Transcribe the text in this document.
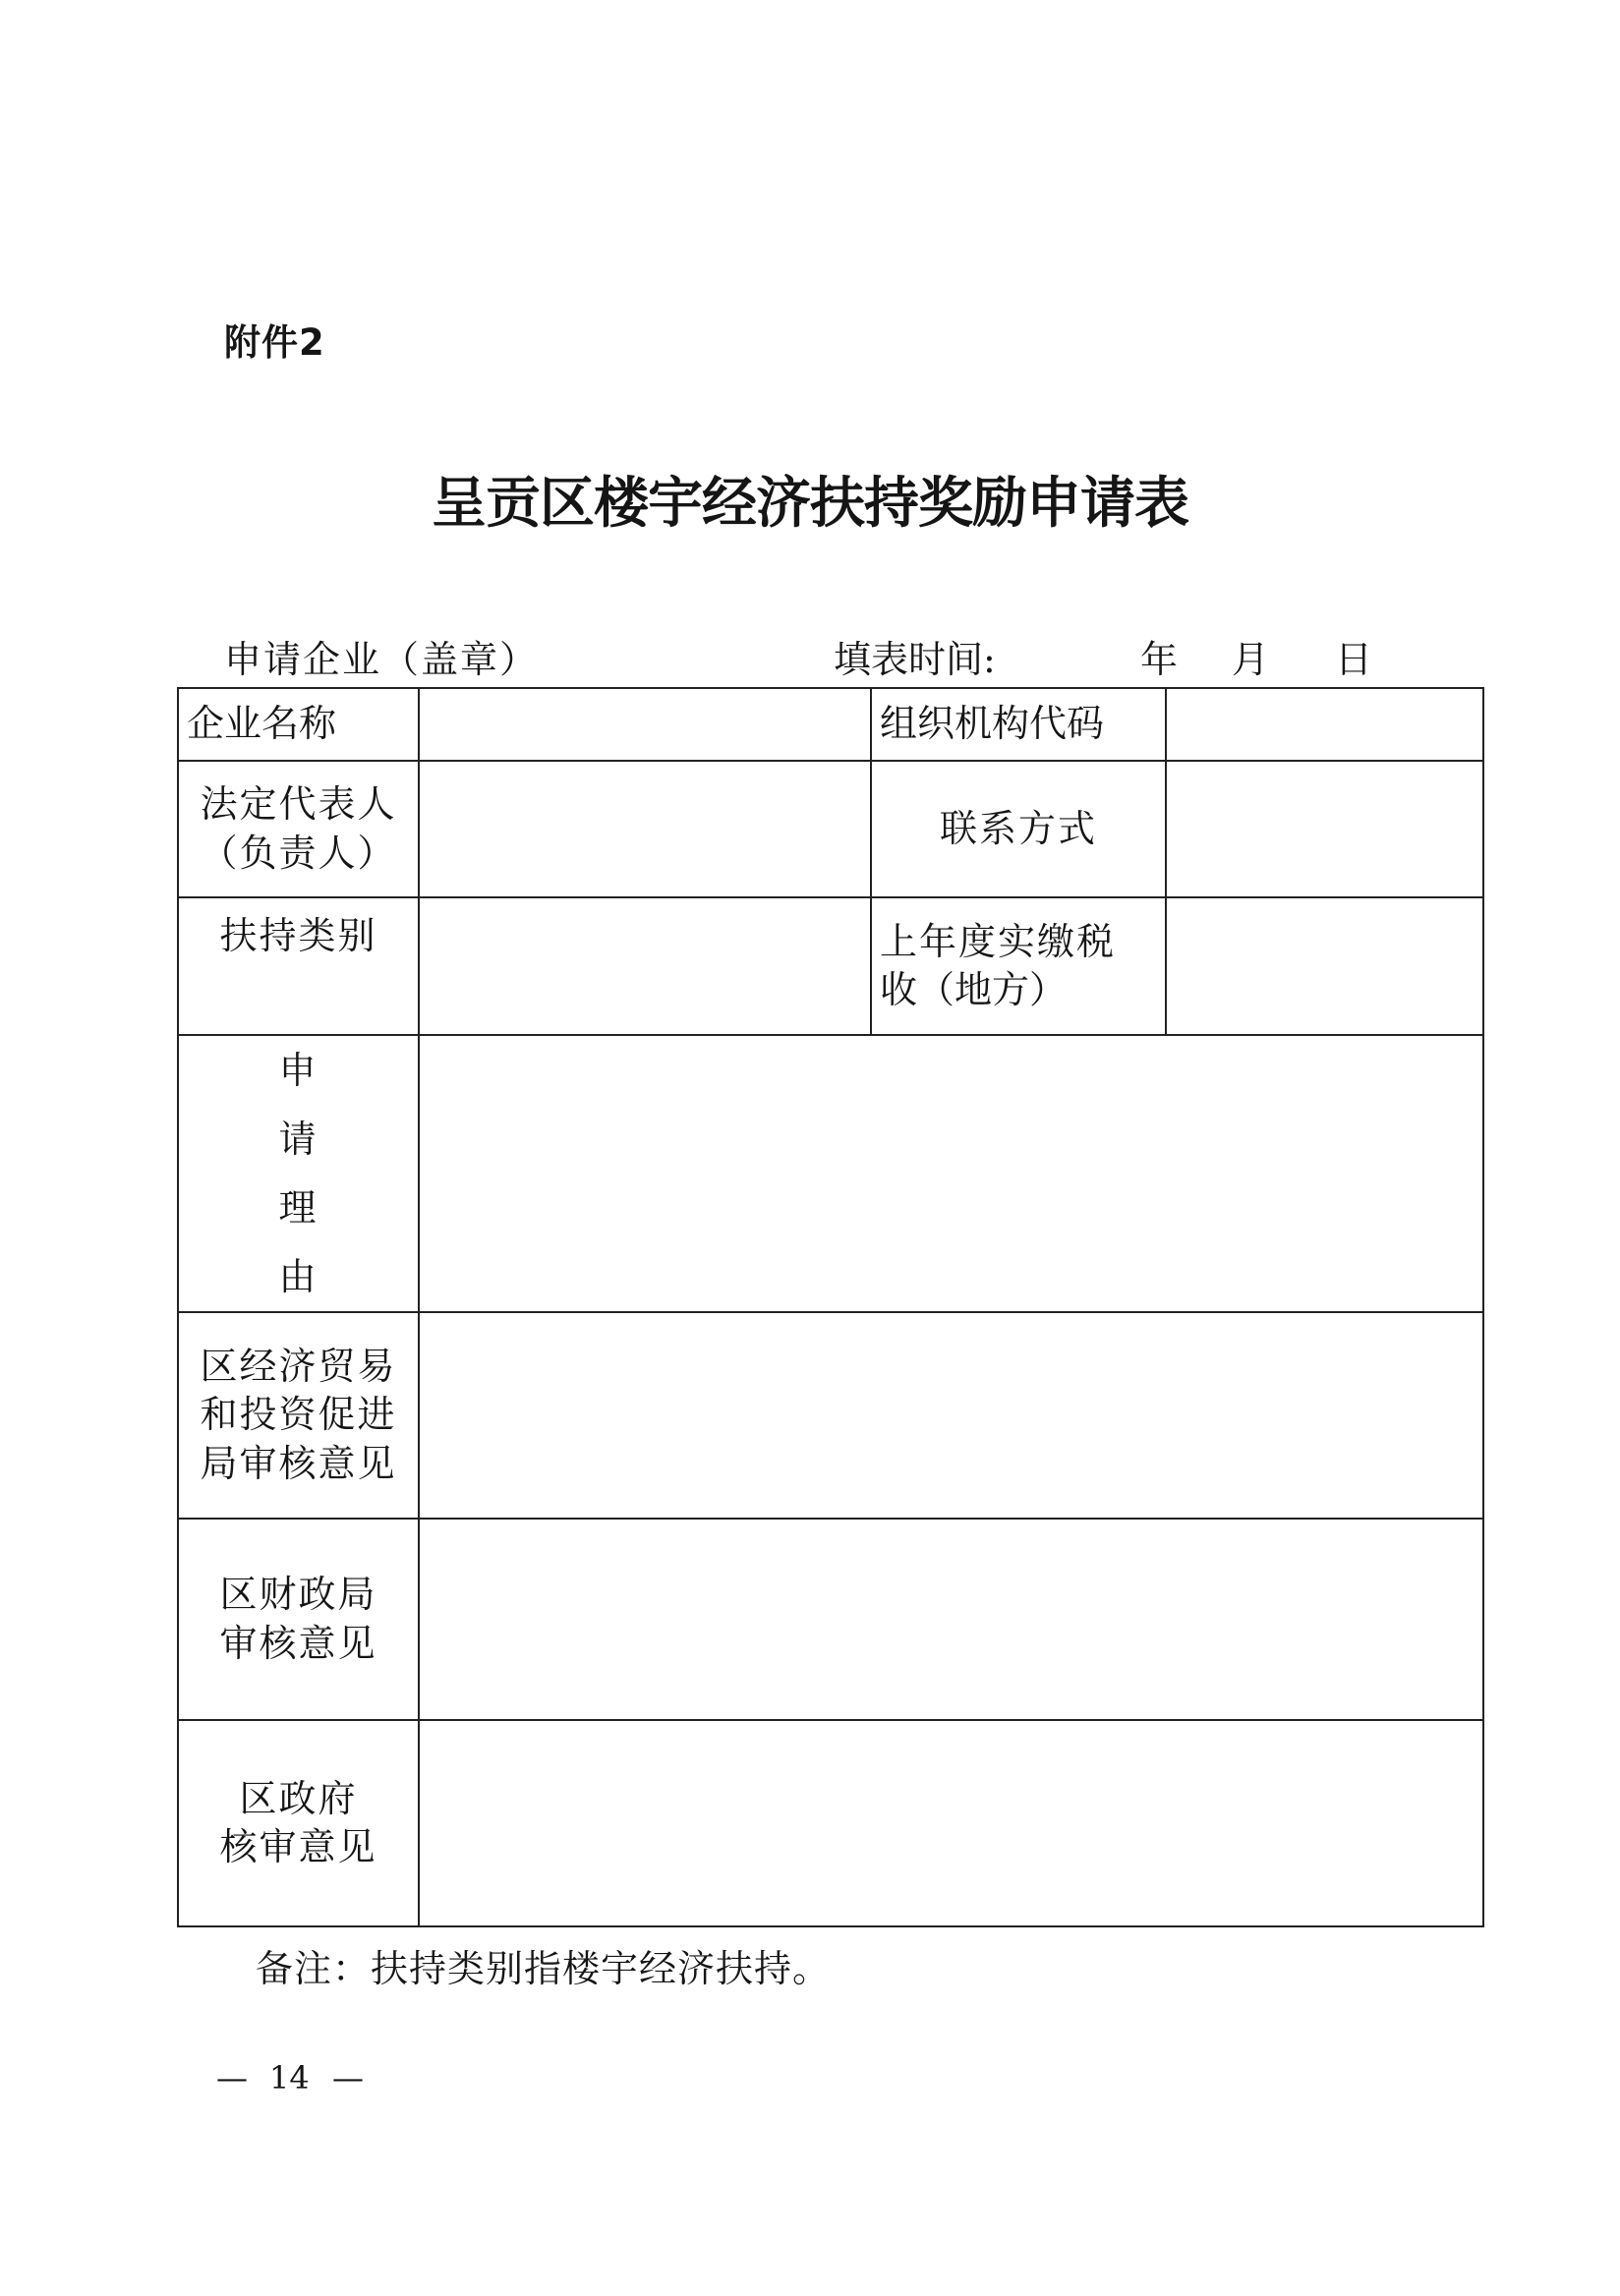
附件2
呈贡区楼宇经济扶持奖励申请表
申请企业（盖章）	填表时间:	年 月 日
企业名称		组织机构代码	

法定代表人
（负责人）		联系方式	
扶持类别		上年度实缴税
收（地方）	

申
请
理
由			

区经济贸易
和投资促进
局审核意见			

区财政局
审核意见			

区政府
核审意见			

备注：扶持类别指楼宇经济扶持。
— 14 —
